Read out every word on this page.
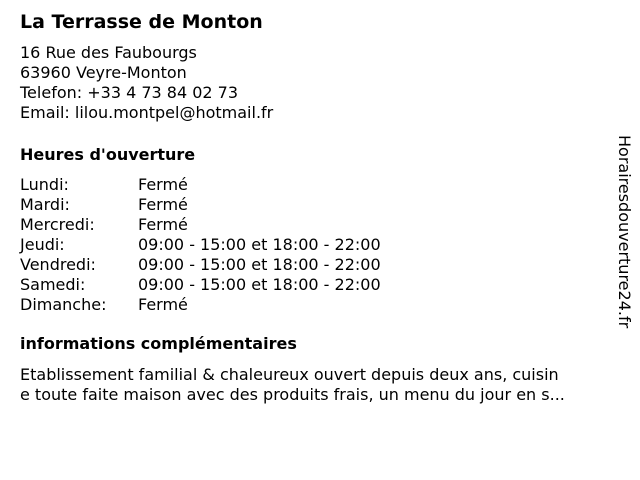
La Terrasse de Monton
16 Rue des Faubourgs
63960 Veyre-Monton
Telefon: +33 4 73 84 02 73
Email: lilou.montpel@hotmail.fr
Heures d'ouverture
Lundi:	Fermé
Mardi:	Fermé
Mercredi:	Fermé
Jeudi:	09:00 - 15:00 et 18:00 - 22:00
Vendredi:	09:00 - 15:00 et 18:00 - 22:00
Samedi:	09:00 - 15:00 et 18:00 - 22:00
Dimanche: Fermé
informations complémentaires
Etablissement familial & chaleureux ouvert depuis deux ans, cuisin
e toute faite maison avec des produits frais, un menu du jour en s...
Horairesdouverture24.fr
